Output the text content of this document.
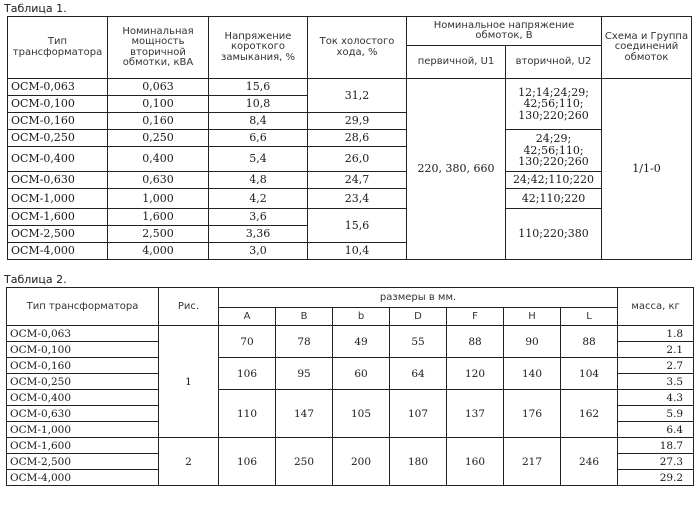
Таблица 1.
Тип трансформатора	Номинальная мощность вторичной обмотки, кВА	Напряжение короткого замыкания, %	Ток холостого хода, %	Номинальное напряжение обмоток, В		Схема и Группа соединений обмоток
				первичной, U1	вторичной, U2	
ОСМ-0,063	0,063	15,6	31,2	220, 380, 660	12;14;24;29; 42;56;110; 130;220;260	1/1-0
ОСМ-0,100	0,100	10,8				
ОСМ-0,160	0,160	8,4	29,9			
ОСМ-0,250	0,250	6,6	28,6		24;29; 42;56;110; 130;220;260	
ОСМ-0,400	0,400	5,4	26,0			
ОСМ-0,630	0,630	4,8	24,7		24;42;110;220	
ОСМ-1,000	1,000	4,2	23,4		42;110;220	
ОСМ-1,600	1,600	3,6	15,6		110;220;380	
ОСМ-2,500	2,500	3,36				
ОСМ-4,000	4,000	3,0	10,4			
Таблица 2.
Тип трансформатора	Рис.	размеры в мм.							масса, кг
		A	B	b	D	F	H	L	
ОСМ-0,063	1	70	78	49	55	88	90	88	1.8
ОСМ-0,100									2.1
ОСМ-0,160		106	95	60	64	120	140	104	2.7
ОСМ-0,250									3.5
ОСМ-0,400		110	147	105	107	137	176	162	4.3
ОСМ-0,630									5.9
ОСМ-1,000									6.4
ОСМ-1,600	2	106	250	200	180	160	217	246	18.7
ОСМ-2,500									27.3
ОСМ-4,000									29.2
